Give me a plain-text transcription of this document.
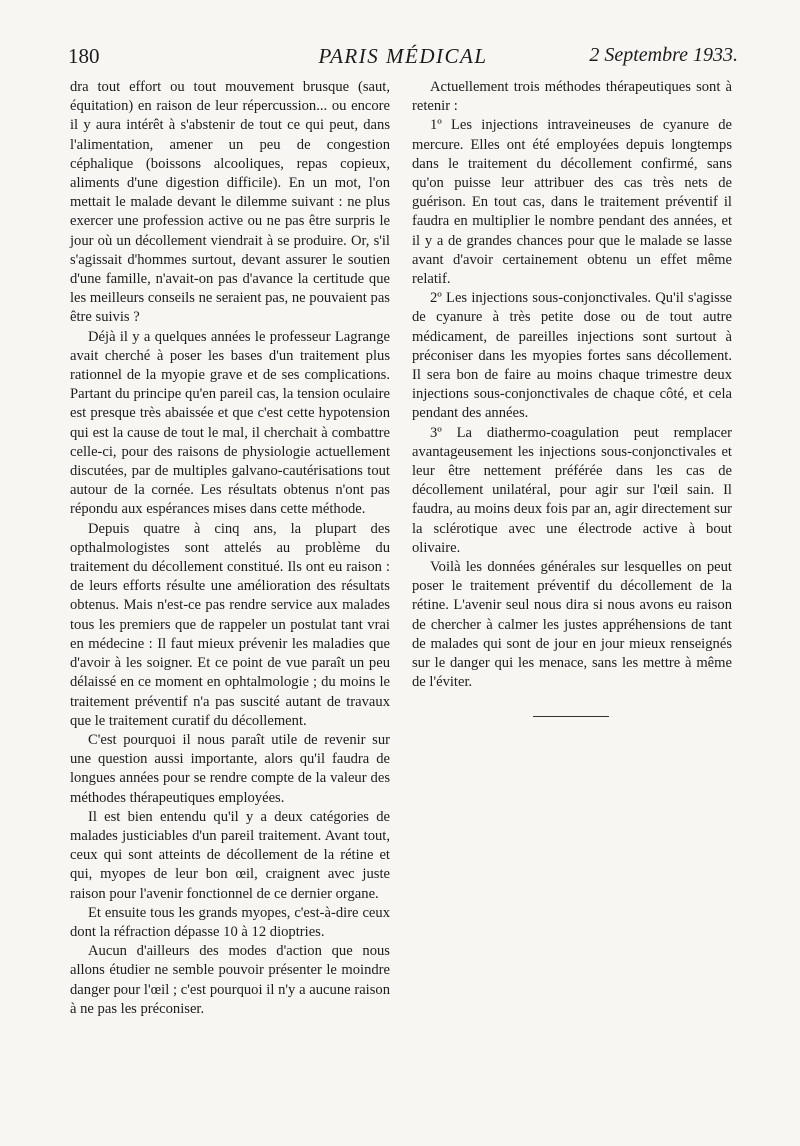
180	PARIS MÉDICAL	2 Septembre 1933.

dra tout effort ou tout mouvement brusque (saut, équitation) en raison de leur répercussion... ou encore il y aura intérêt à s'abstenir de tout ce qui peut, dans l'alimentation, amener un peu de congestion céphalique (boissons alcooliques, repas copieux, aliments d'une digestion difficile). En un mot, l'on mettait le malade devant le dilemme suivant : ne plus exercer une profession active ou ne pas être surpris le jour où un décollement viendrait à se produire. Or, s'il s'agissait d'hommes surtout, devant assurer le soutien d'une famille, n'avait-on pas d'avance la certitude que les meilleurs conseils ne seraient pas, ne pouvaient pas être suivis ?

Déjà il y a quelques années le professeur Lagrange avait cherché à poser les bases d'un traitement plus rationnel de la myopie grave et de ses complications. Partant du principe qu'en pareil cas, la tension oculaire est presque très abaissée et que c'est cette hypotension qui est la cause de tout le mal, il cherchait à combattre celle-ci, pour des raisons de physiologie actuellement discutées, par de multiples galvano-cautérisations tout autour de la cornée. Les résultats obtenus n'ont pas répondu aux espérances mises dans cette méthode.

Depuis quatre à cinq ans, la plupart des opthalmologistes sont attelés au problème du traitement du décollement constitué. Ils ont eu raison : de leurs efforts résulte une amélioration des résultats obtenus. Mais n'est-ce pas rendre service aux malades tous les premiers que de rappeler un postulat tant vrai en médecine : Il faut mieux prévenir les maladies que d'avoir à les soigner. Et ce point de vue paraît un peu délaissé en ce moment en ophtalmologie ; du moins le traitement préventif n'a pas suscité autant de travaux que le traitement curatif du décollement.

C'est pourquoi il nous paraît utile de revenir sur une question aussi importante, alors qu'il faudra de longues années pour se rendre compte de la valeur des méthodes thérapeutiques employées.

Il est bien entendu qu'il y a deux catégories de malades justiciables d'un pareil traitement. Avant tout, ceux qui sont atteints de décollement de la rétine et qui, myopes de leur bon œil, craignent avec juste raison pour l'avenir fonctionnel de ce dernier organe.

Et ensuite tous les grands myopes, c'est-à-dire ceux dont la réfraction dépasse 10 à 12 dioptries.

Aucun d'ailleurs des modes d'action que nous allons étudier ne semble pouvoir présenter le moindre danger pour l'œil ; c'est pourquoi il n'y a aucune raison à ne pas les préconiser.

Actuellement trois méthodes thérapeutiques sont à retenir :

1º Les injections intraveineuses de cyanure de mercure. Elles ont été employées depuis longtemps dans le traitement du décollement confirmé, sans qu'on puisse leur attribuer des cas très nets de guérison. En tout cas, dans le traitement préventif il faudra en multiplier le nombre pendant des années, et il y a de grandes chances pour que le malade se lasse avant d'avoir certainement obtenu un effet même relatif.

2º Les injections sous-conjonctivales. Qu'il s'agisse de cyanure à très petite dose ou de tout autre médicament, de pareilles injections sont surtout à préconiser dans les myopies fortes sans décollement. Il sera bon de faire au moins chaque trimestre deux injections sous-conjonctivales de chaque côté, et cela pendant des années.

3º La diathermo-coagulation peut remplacer avantageusement les injections sous-conjonctivales et leur être nettement préférée dans les cas de décollement unilatéral, pour agir sur l'œil sain. Il faudra, au moins deux fois par an, agir directement sur la sclérotique avec une électrode active à bout olivaire.

Voilà les données générales sur lesquelles on peut poser le traitement préventif du décollement de la rétine. L'avenir seul nous dira si nous avons eu raison de chercher à calmer les justes appréhensions de tant de malades qui sont de jour en jour mieux renseignés sur le danger qui les menace, sans les mettre à même de l'éviter.
